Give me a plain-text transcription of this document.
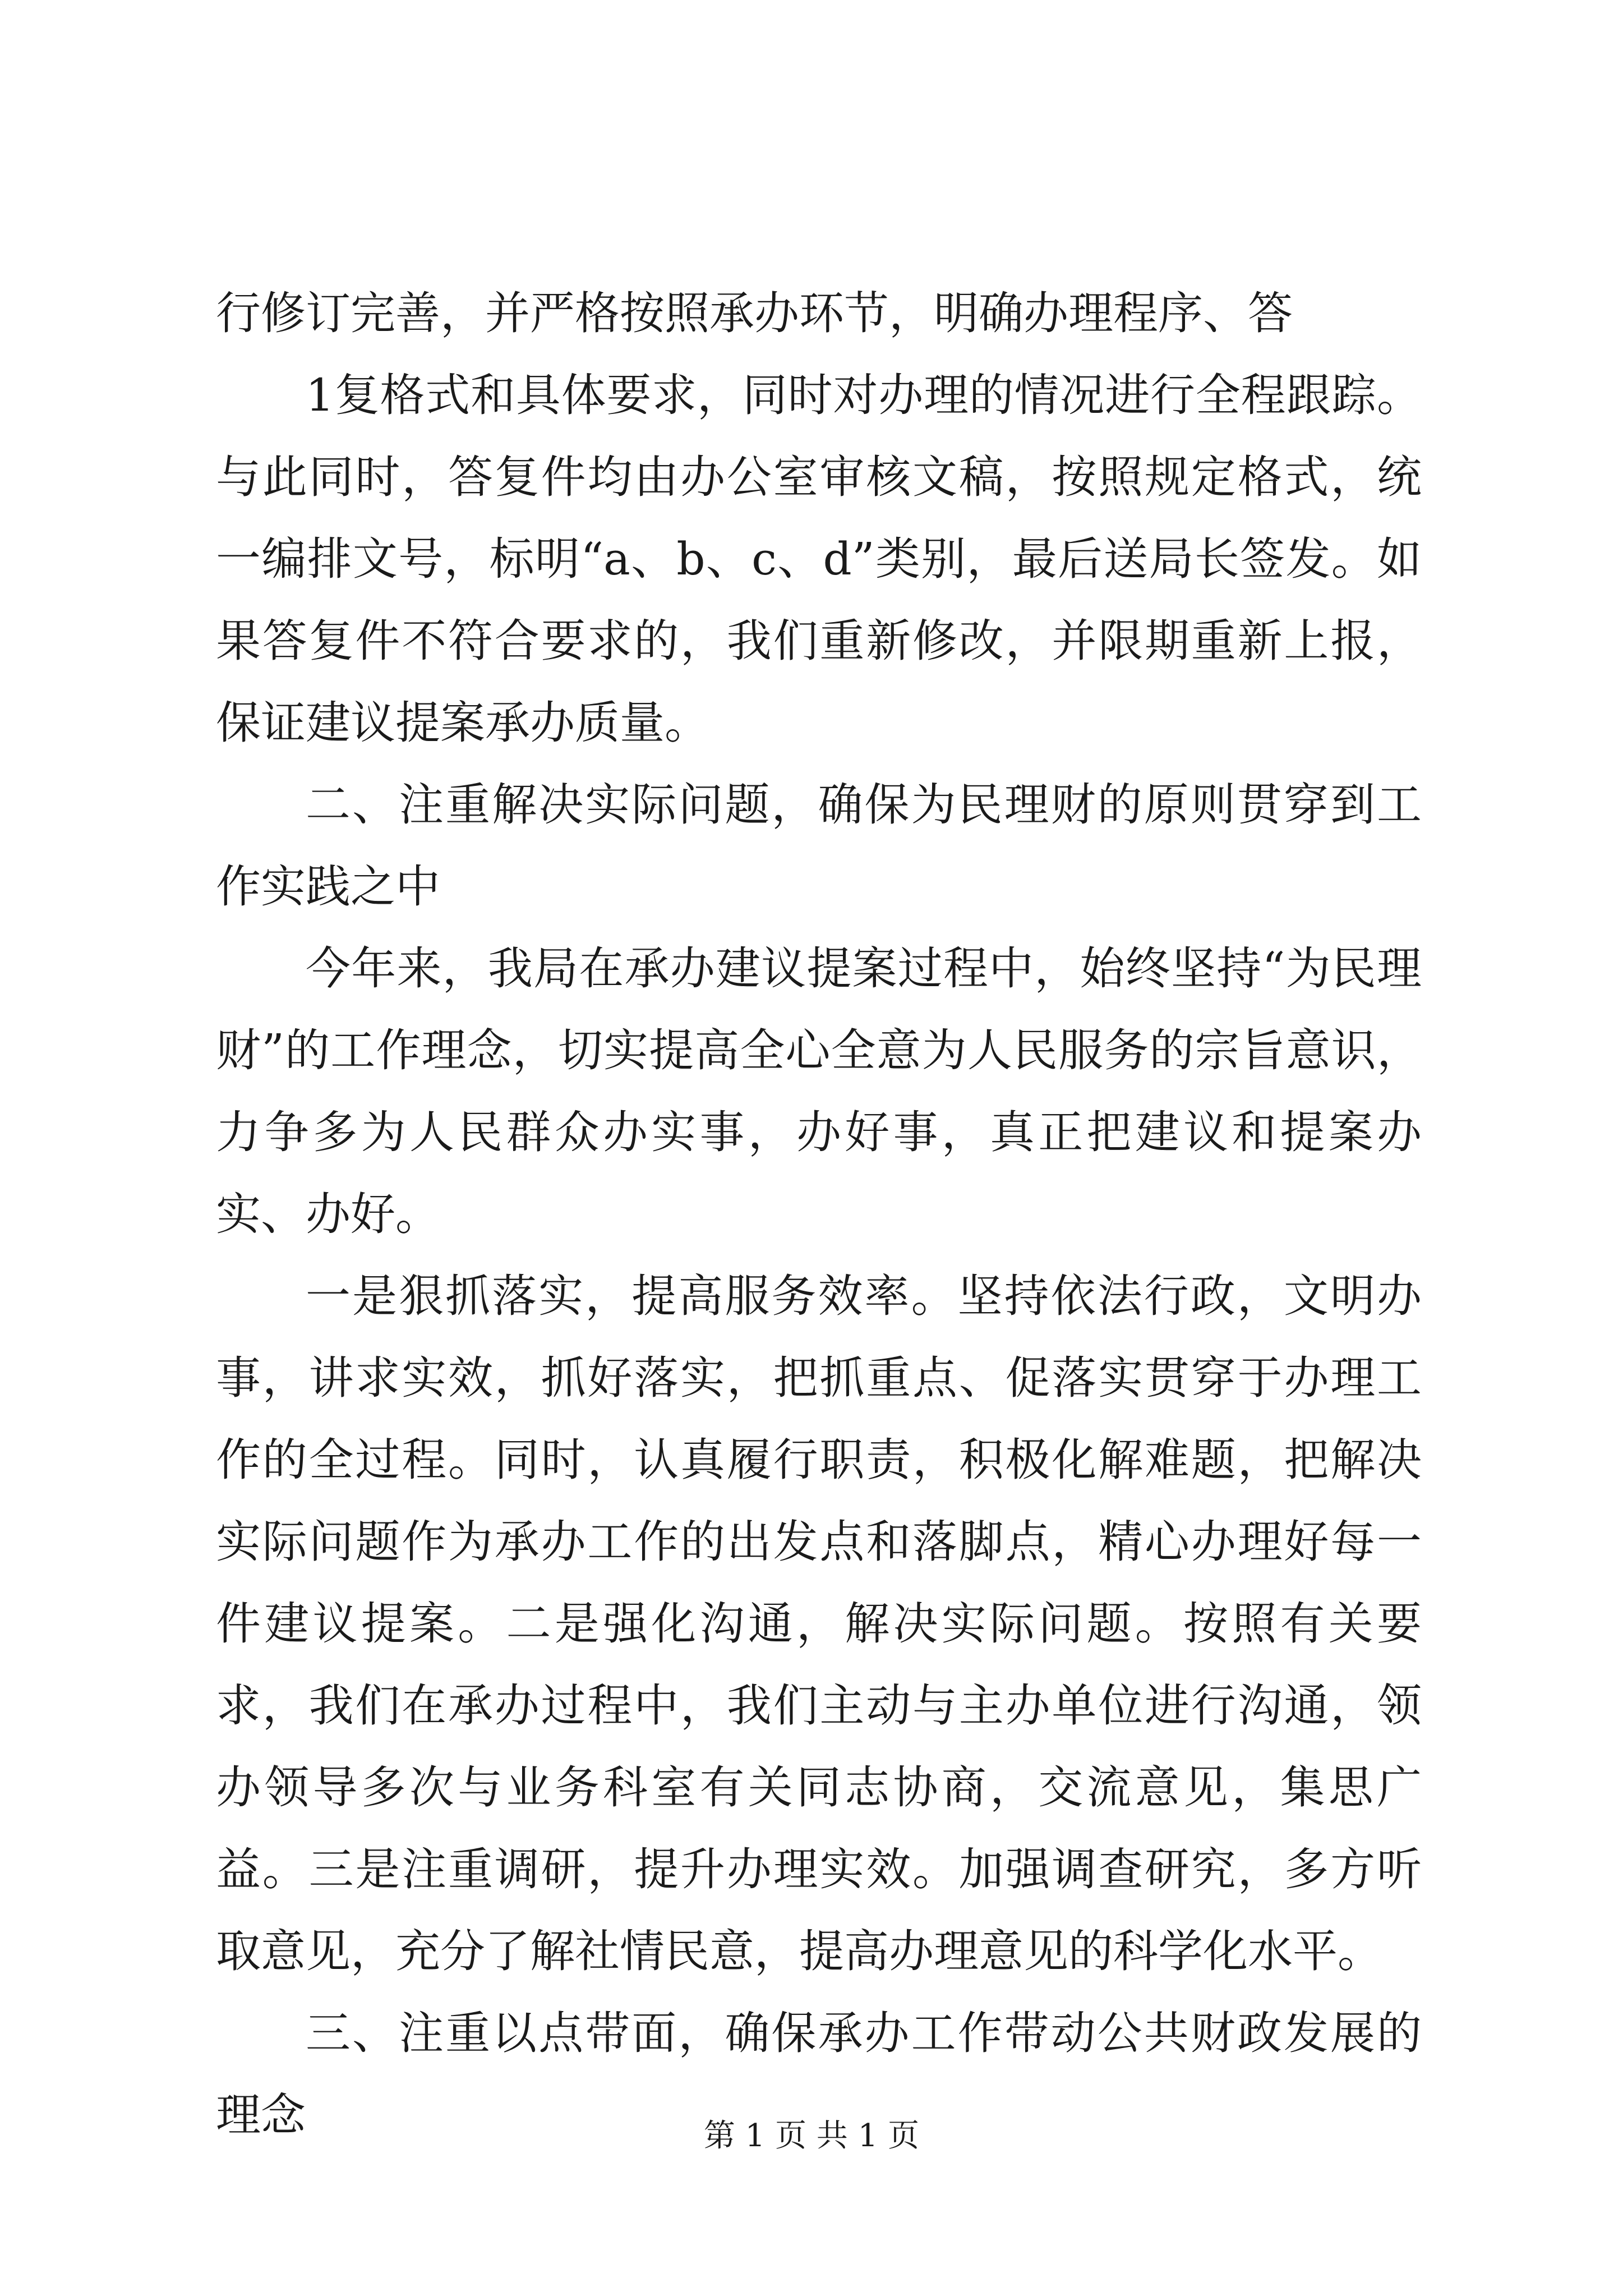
行修订完善，并严格按照承办环节，明确办理程序、答

1复格式和具体要求，同时对办理的情况进行全程跟踪。与此同时，答复件均由办公室审核文稿，按照规定格式，统一编排文号，标明“a、b、c、d”类别，最后送局长签发。如果答复件不符合要求的，我们重新修改，并限期重新上报，保证建议提案承办质量。

二、注重解决实际问题，确保为民理财的原则贯穿到工作实践之中

今年来，我局在承办建议提案过程中，始终坚持“为民理财”的工作理念，切实提高全心全意为人民服务的宗旨意识，力争多为人民群众办实事，办好事，真正把建议和提案办实、办好。

一是狠抓落实，提高服务效率。坚持依法行政，文明办事，讲求实效，抓好落实，把抓重点、促落实贯穿于办理工作的全过程。同时，认真履行职责，积极化解难题，把解决实际问题作为承办工作的出发点和落脚点，精心办理好每一件建议提案。二是强化沟通，解决实际问题。按照有关要求，我们在承办过程中，我们主动与主办单位进行沟通，领办领导多次与业务科室有关同志协商，交流意见，集思广益。三是注重调研，提升办理实效。加强调查研究，多方听取意见，充分了解社情民意，提高办理意见的科学化水平。

三、注重以点带面，确保承办工作带动公共财政发展的理念	第 1 页 共 1 页
